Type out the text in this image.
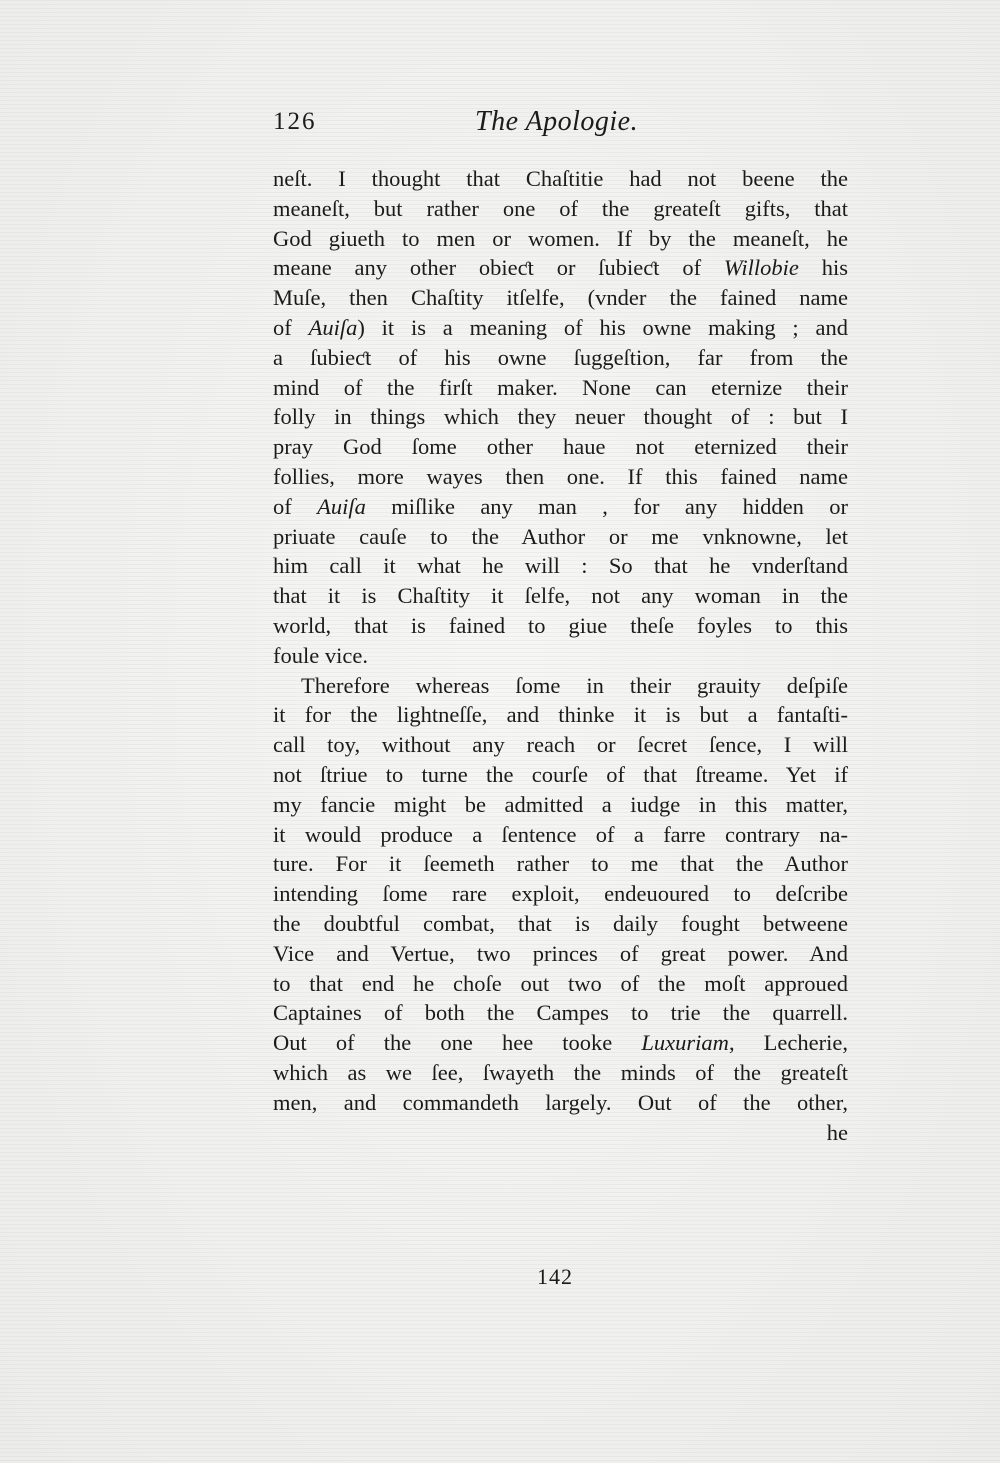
126	The Apologie.
neſt. I thought that Chaſtitie had not beene the
meaneſt, but rather one of the greateſt gifts, that
God giueth to men or women. If by the meaneſt, he
meane any other obieƈt or ſubieƈt of Willobie his
Muſe, then Chaſtity itſelfe, (vnder the fained name
of Auiſa) it is a meaning of his owne making ; and
a ſubieƈt of his owne ſuggeſtion, far from the
mind of the firſt maker. None can eternize their
folly in things which they neuer thought of : but I
pray God ſome other haue not eternized their
follies, more wayes then one. If this fained name
of Auiſa miſlike any man , for any hidden or
priuate cauſe to the Author or me vnknowne, let
him call it what he will : So that he vnderſtand
that it is Chaſtity it ſelfe, not any woman in the
world, that is fained to giue theſe foyles to this
foule vice.
Therefore whereas ſome in their grauity deſpiſe
it for the lightneſſe, and thinke it is but a fantaſti-
call toy, without any reach or ſecret ſence, I will
not ſtriue to turne the courſe of that ſtreame. Yet if
my fancie might be admitted a iudge in this matter,
it would produce a ſentence of a farre contrary na-
ture. For it ſeemeth rather to me that the Author
intending ſome rare exploit, endeuoured to deſcribe
the doubtful combat, that is daily fought betweene
Vice and Vertue, two princes of great power. And
to that end he choſe out two of the moſt approued
Captaines of both the Campes to trie the quarrell.
Out of the one hee tooke Luxuriam, Lecherie,
which as we ſee, ſwayeth the minds of the greateſt
men, and commandeth largely. Out of the other,
he
142
